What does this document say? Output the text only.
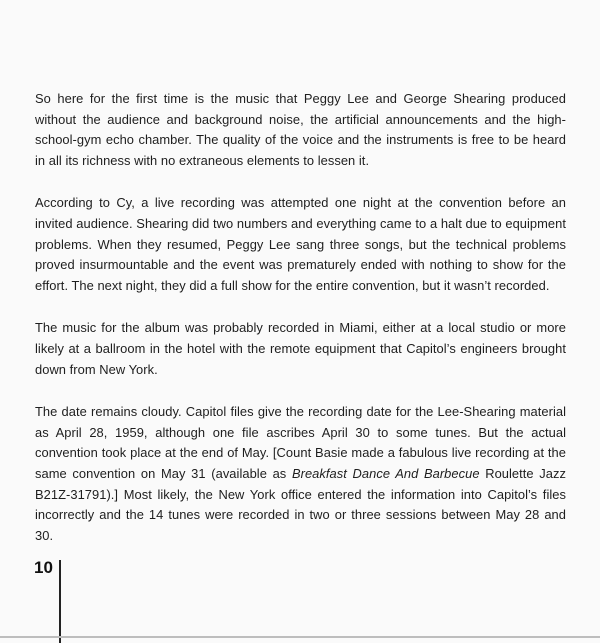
So here for the first time is the music that Peggy Lee and George Shearing produced without the audience and background noise, the artificial announcements and the high-school-gym echo chamber. The quality of the voice and the instruments is free to be heard in all its richness with no extraneous elements to lessen it.

According to Cy, a live recording was attempted one night at the convention before an invited audience. Shearing did two numbers and everything came to a halt due to equipment problems. When they resumed, Peggy Lee sang three songs, but the technical problems proved insurmountable and the event was prematurely ended with nothing to show for the effort. The next night, they did a full show for the entire convention, but it wasn’t recorded.

The music for the album was probably recorded in Miami, either at a local studio or more likely at a ballroom in the hotel with the remote equipment that Capitol’s engineers brought down from New York.

The date remains cloudy. Capitol files give the recording date for the Lee-Shearing material as April 28, 1959, although one file ascribes April 30 to some tunes. But the actual convention took place at the end of May. [Count Basie made a fabulous live recording at the same convention on May 31 (available as Breakfast Dance And Barbecue Roulette Jazz B21Z-31791).] Most likely, the New York office entered the information into Capitol’s files incorrectly and the 14 tunes were recorded in two or three sessions between May 28 and 30.

10
